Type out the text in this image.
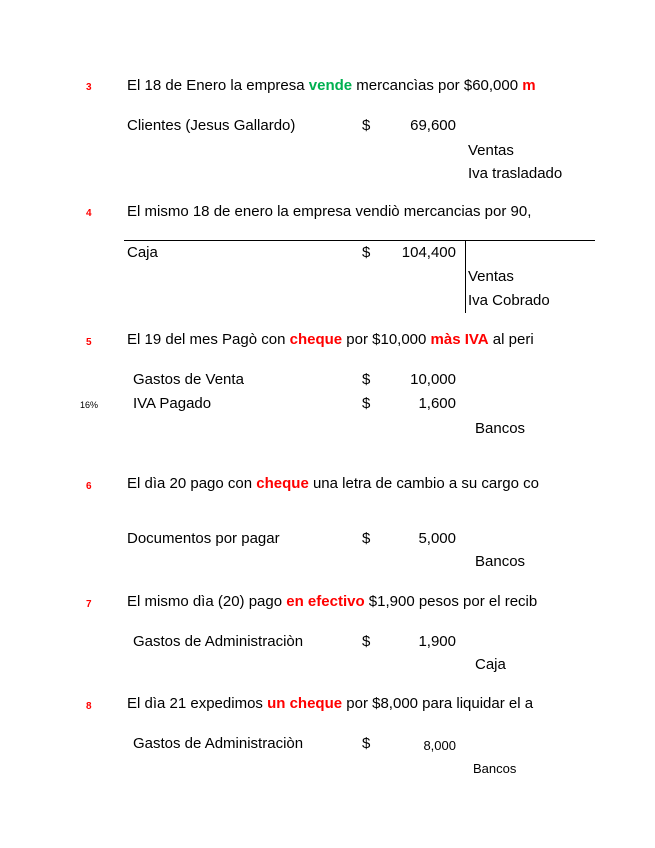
3 El 18 de Enero la empresa vende mercancìas por $60,000 m
Clientes (Jesus Gallardo)	$	69,600
Ventas
Iva trasladado
4 El mismo 18 de enero la empresa vendiò mercancias por 90,
Caja	$	104,400
Ventas
Iva Cobrado
5 El 19 del mes Pagò con cheque por $10,000 màs IVA al peri
Gastos de Venta	$	10,000
16% IVA Pagado	$	1,600
Bancos
6 El dìa 20 pago con cheque una letra de cambio a su cargo co
Documentos por pagar	$	5,000
Bancos
7 El mismo dìa (20) pago en efectivo $1,900 pesos por el recib
Gastos de Administraciòn	$	1,900
Caja
8 El dìa 21 expedimos un cheque por $8,000 para liquidar el a
Gastos de Administraciòn	$	8,000
Bancos
